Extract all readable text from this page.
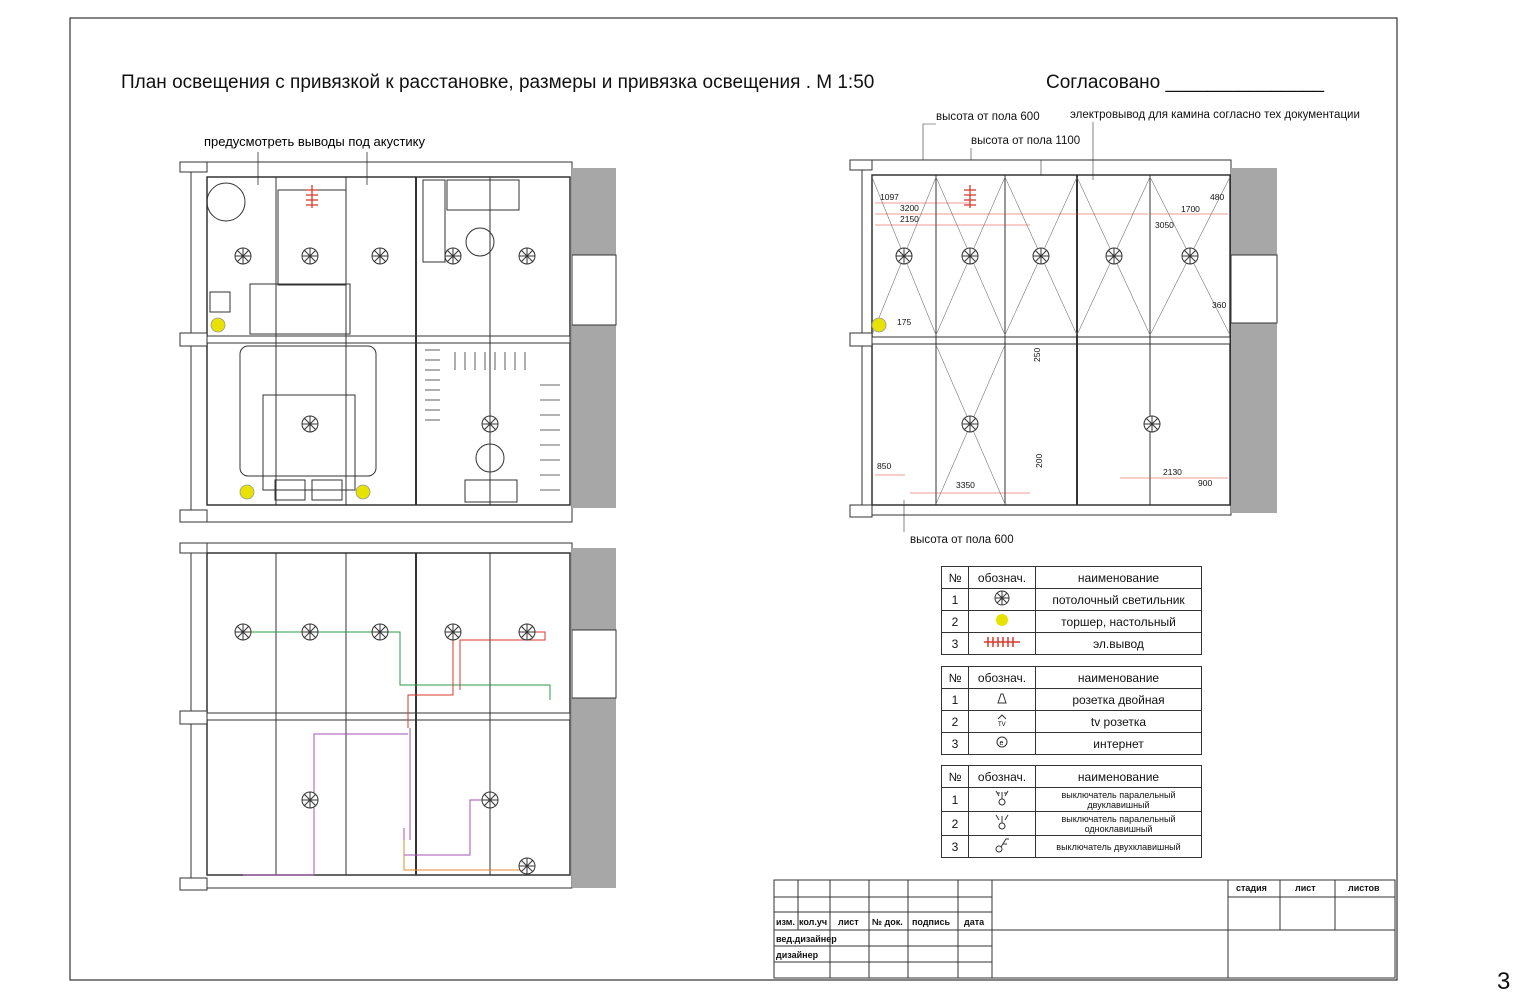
предусмотреть выводы под акустику
1097
3200
2150
3050
1700
480
360
175
250
200
850
3350
2130
900
высота от пола 600
высота от пола 1100
электровывод для камина согласно тех документации
высота от пола 600
изм. кол.уч лист № док. подпись дата
вед.дизайнер
дизайнер
стадия	лист	листов
План освещения с привязкой к расстановке, размеры и привязка освещения . М 1:50	Согласовано _______________
3
№	обознач.	наименование
1		потолочный светильник
2		торшер, настольный
3		эл.вывод
№	обознач.	наименование
1		розетка двойная
2	TV	tv розетка
3	e	интернет
№	обознач.	наименование
1		выключатель паралельный двуклавишный
2		выключатель паралельный одноклавишный
3		выключатель двухклавишный
